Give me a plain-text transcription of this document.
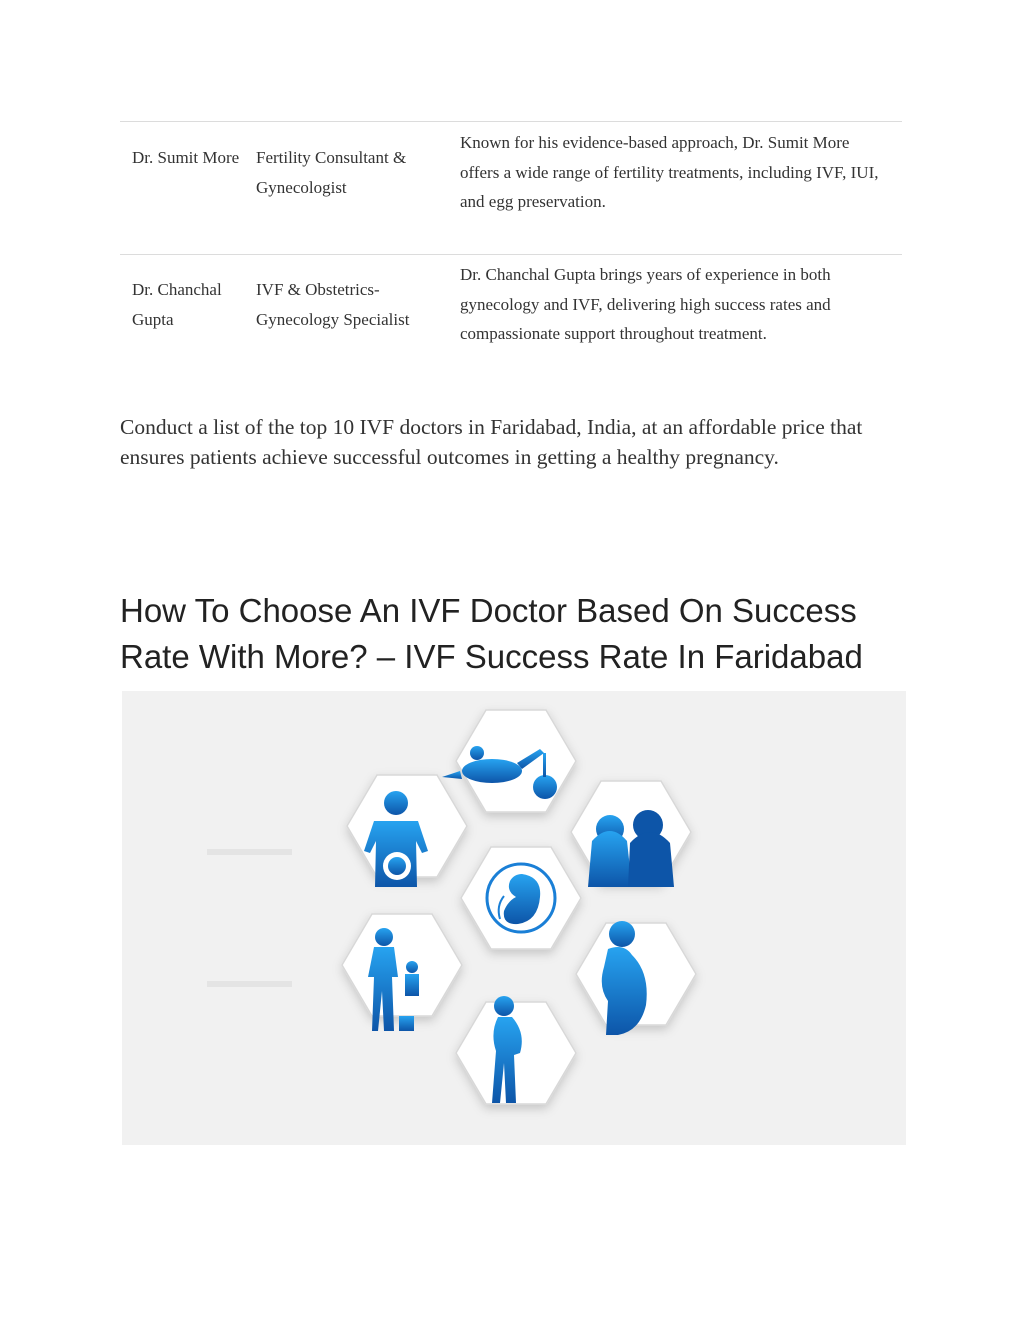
Dr. Sumit More Fertility Consultant & Gynecologist
Known for his evidence-based approach, Dr. Sumit More offers a wide range of fertility treatments, including IVF, IUI, and egg preservation.
Dr. Chanchal Gupta
IVF & Obstetrics-Gynecology Specialist
Dr. Chanchal Gupta brings years of experience in both gynecology and IVF, delivering high success rates and compassionate support throughout treatment.

Conduct a list of the top 10 IVF doctors in Faridabad, India, at an affordable price that ensures patients achieve successful outcomes in getting a healthy pregnancy.

How To Choose An IVF Doctor Based On Success Rate With More? – IVF Success Rate In Faridabad
